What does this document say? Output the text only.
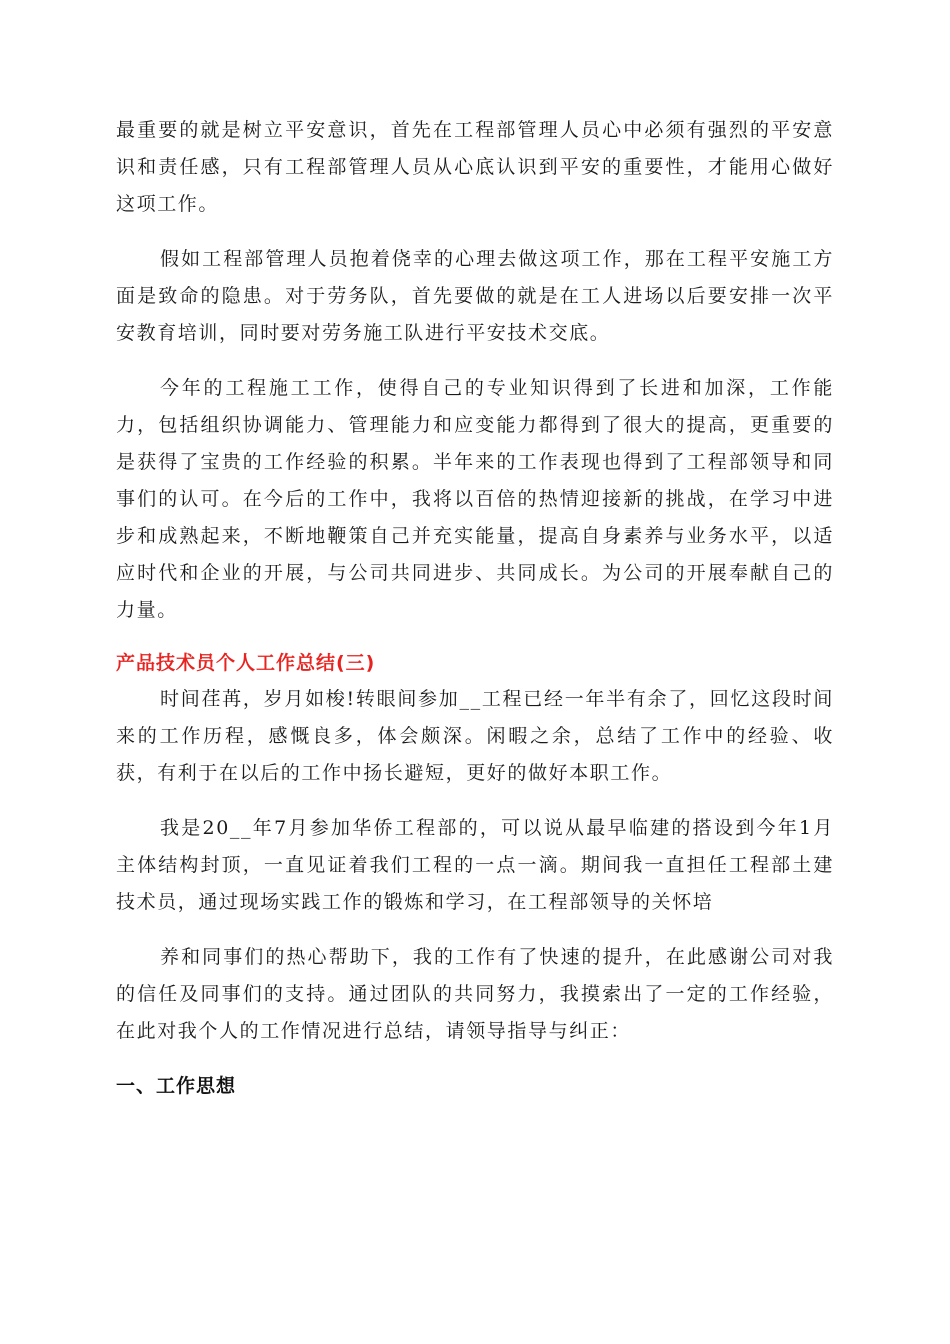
最重要的就是树立平安意识，首先在工程部管理人员心中必须有强烈的平安意识和责任感，只有工程部管理人员从心底认识到平安的重要性，才能用心做好这项工作。

假如工程部管理人员抱着侥幸的心理去做这项工作，那在工程平安施工方面是致命的隐患。对于劳务队，首先要做的就是在工人进场以后要安排一次平安教育培训，同时要对劳务施工队进行平安技术交底。

今年的工程施工工作，使得自己的专业知识得到了长进和加深，工作能力，包括组织协调能力、管理能力和应变能力都得到了很大的提高，更重要的是获得了宝贵的工作经验的积累。半年来的工作表现也得到了工程部领导和同事们的认可。在今后的工作中，我将以百倍的热情迎接新的挑战，在学习中进步和成熟起来，不断地鞭策自己并充实能量，提高自身素养与业务水平，以适应时代和企业的开展，与公司共同进步、共同成长。为公司的开展奉献自己的力量。

产品技术员个人工作总结(三)

时间荏苒，岁月如梭!转眼间参加__工程已经一年半有余了，回忆这段时间来的工作历程，感慨良多，体会颇深。闲暇之余，总结了工作中的经验、收获，有利于在以后的工作中扬长避短，更好的做好本职工作。

我是20__年7月参加华侨工程部的，可以说从最早临建的搭设到今年1月主体结构封顶，一直见证着我们工程的一点一滴。期间我一直担任工程部土建技术员，通过现场实践工作的锻炼和学习，在工程部领导的关怀培

养和同事们的热心帮助下，我的工作有了快速的提升，在此感谢公司对我的信任及同事们的支持。通过团队的共同努力，我摸索出了一定的工作经验，在此对我个人的工作情况进行总结，请领导指导与纠正：

一、工作思想
